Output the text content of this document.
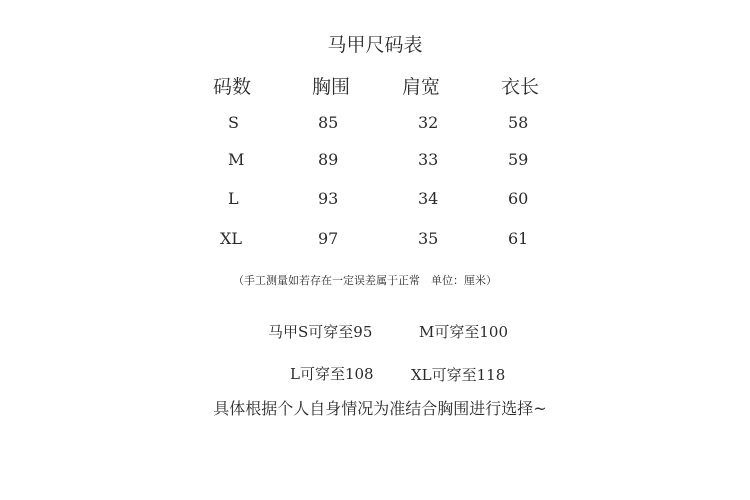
马甲尺码表
码数	胸围	肩宽	衣长
S	85	32	58
M	89	33	59
L	93	34	60
XL	97	35	61
（手工测量如若存在一定误差属于正常　单位：厘米）
马甲S可穿至95	M可穿至100
L可穿至108 XL可穿至118
具体根据个人自身情况为准结合胸围进行选择~
